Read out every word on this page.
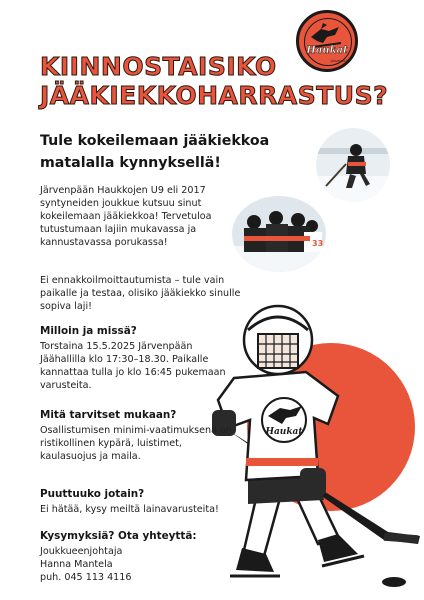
Haukat
JÄRVENPÄÄ
KIINNOSTAISIKO
JÄÄKIEKKOHARRASTUS?
Tule kokeilemaan jääkiekkoa
matalalla kynnyksellä!
33
Järvenpään Haukkojen U9 eli 2017 syntyneiden joukkue kutsuu sinut kokeilemaan jääkiekkoa! Tervetuloa tutustumaan lajiin mukavassa ja kannustavassa porukassa!
Ei ennakkoilmoittautumista – tule vain paikalle ja testaa, olisiko jääkiekko sinulle sopiva laji!
Haukat
Milloin ja missä?
Torstaina 15.5.2025 Järvenpään Jäähallilla klo 17:30–18.30. Paikalle kannattaa tulla jo klo 16:45 pukemaan varusteita.
Mitä tarvitset mukaan?
Osallistumisen minimi-vaatimuksena on ristikollinen kypärä, luistimet, kaulasuojus ja maila.
Puuttuuko jotain?
Ei hätää, kysy meiltä lainavarusteita!
Kysymyksiä? Ota yhteyttä:
Joukkueenjohtaja
Hanna Mantela
puh. 045 113 4116
